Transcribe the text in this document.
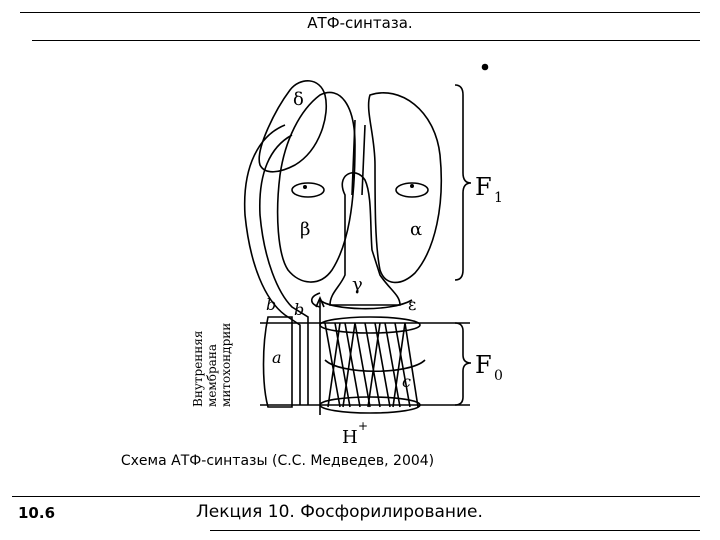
АТФ-синтаза.
δ
β	α
γ
ε
b b
a
c
H
+
F 1
F 0
Внутренняя мембрана митохондрии
Схема АТФ-синтазы (С.С. Медведев, 2004)
10.6	Лекция 10. Фосфорилирование.
